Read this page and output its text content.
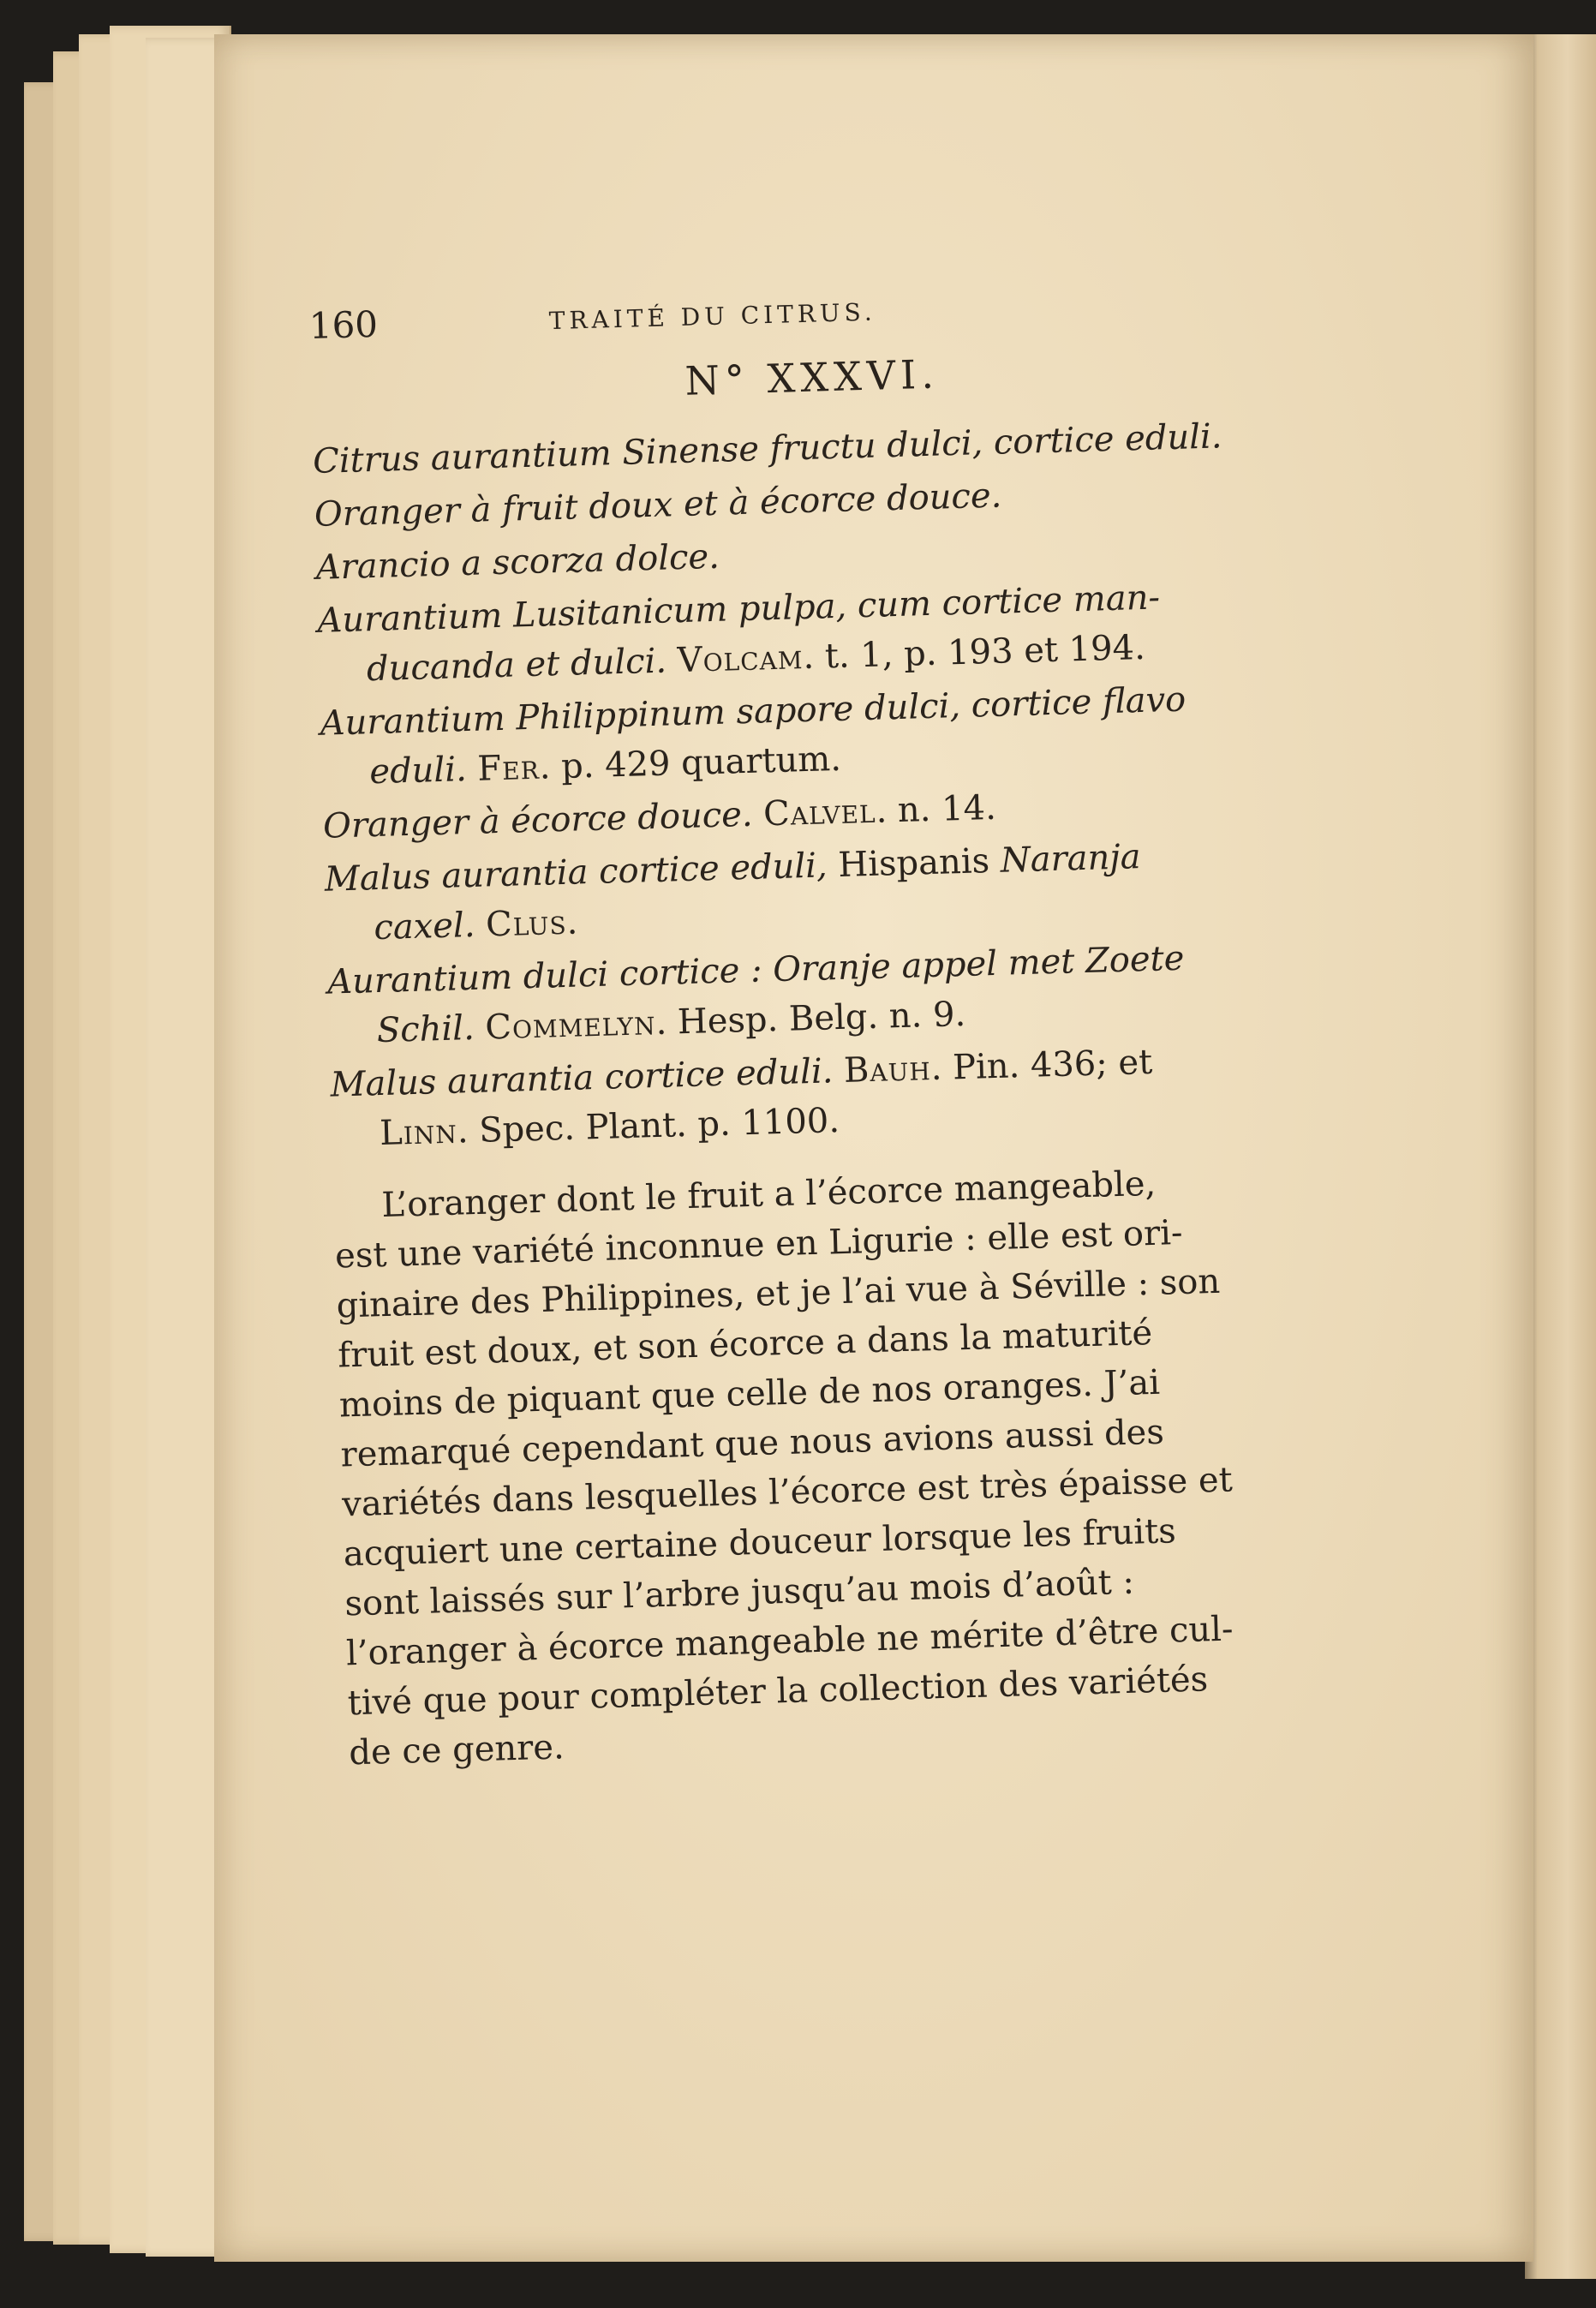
160	TRAITÉ DU CITRUS.
N° XXXVI.
Citrus aurantium Sinense fructu dulci, cortice eduli.
Oranger à fruit doux et à écorce douce.
Arancio a scorza dolce.
Aurantium Lusitanicum pulpa, cum cortice man-
ducanda et dulci. Volcam. t. 1, p. 193 et 194.
Aurantium Philippinum sapore dulci, cortice flavo
eduli. Fer. p. 429 quartum.
Oranger à écorce douce. Calvel. n. 14.
Malus aurantia cortice eduli, Hispanis Naranja
caxel. Clus.
Aurantium dulci cortice : Oranje appel met Zoete
Schil. Commelyn. Hesp. Belg. n. 9.
Malus aurantia cortice eduli. Bauh. Pin. 436; et
Linn. Spec. Plant. p. 1100.
L’oranger dont le fruit a l’écorce mangeable,
est une variété inconnue en Ligurie : elle est ori-
ginaire des Philippines, et je l’ai vue à Séville : son
fruit est doux, et son écorce a dans la maturité
moins de piquant que celle de nos oranges. J’ai
remarqué cependant que nous avions aussi des
variétés dans lesquelles l’écorce est très épaisse et
acquiert une certaine douceur lorsque les fruits
sont laissés sur l’arbre jusqu’au mois d’août :
l’oranger à écorce mangeable ne mérite d’être cul-
tivé que pour compléter la collection des variétés
de ce genre.
